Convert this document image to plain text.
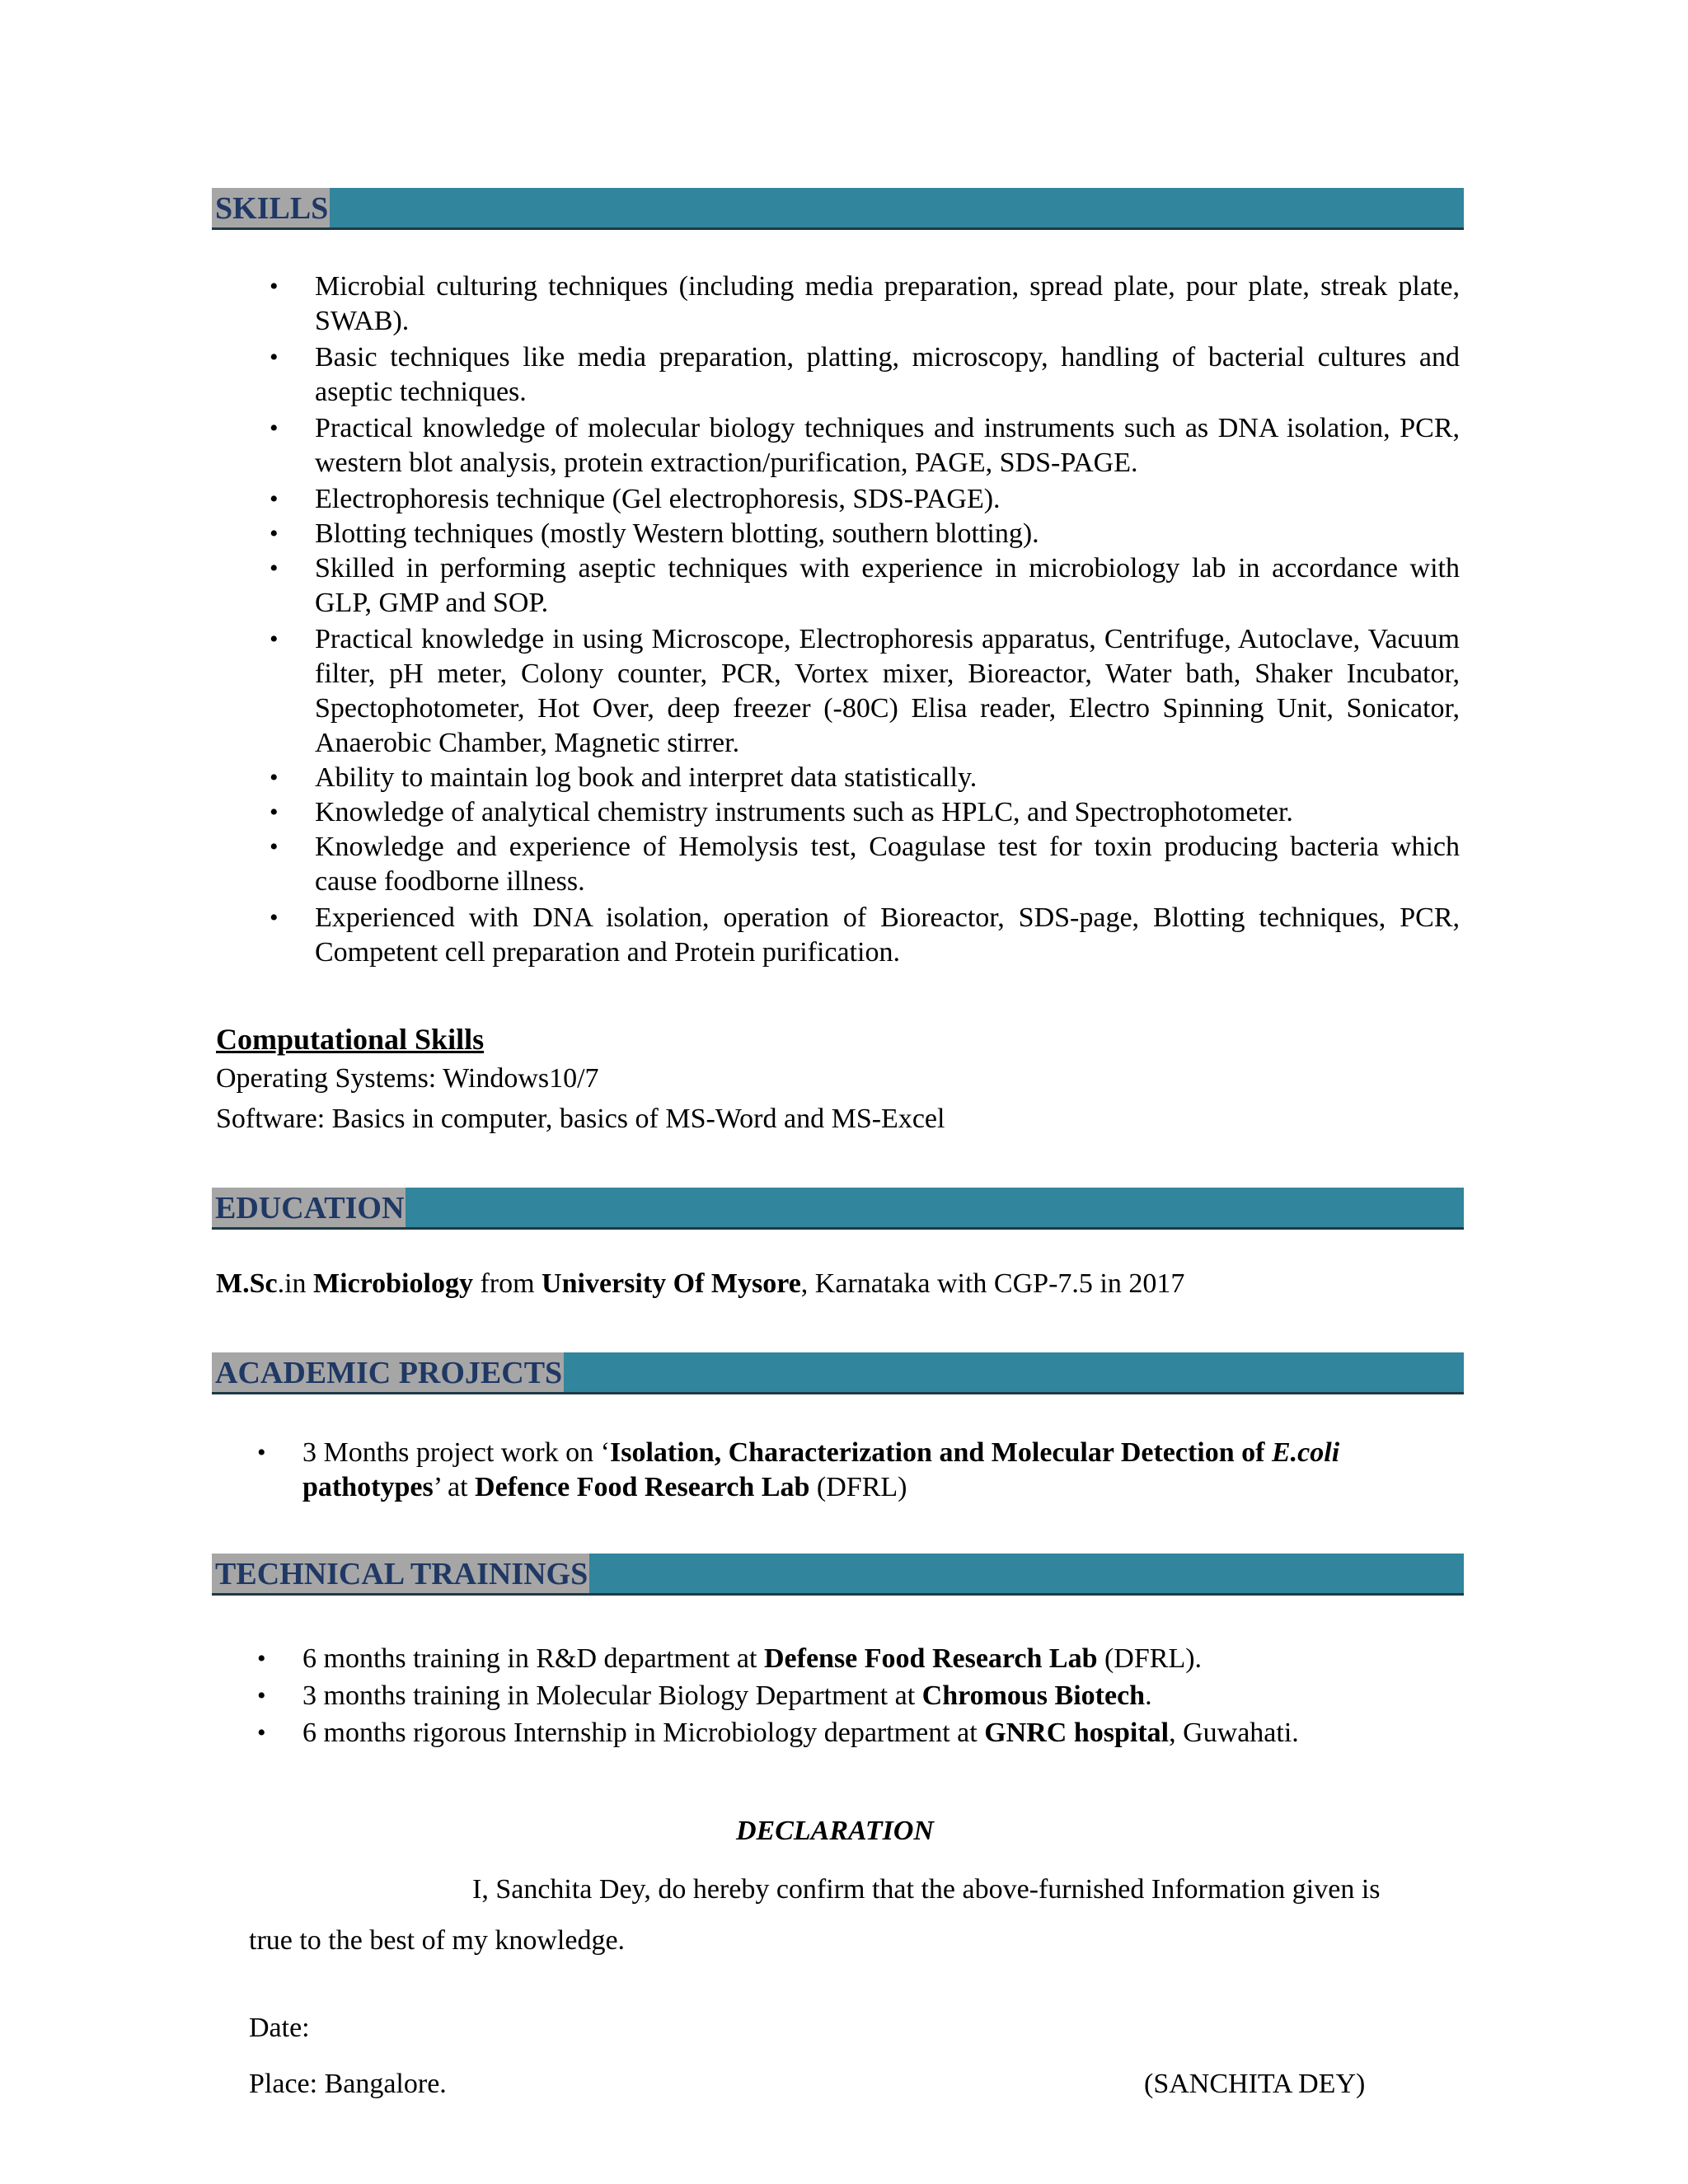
SKILLS
• Microbial culturing techniques (including media preparation, spread plate, pour plate, streak plate, SWAB).
• Basic techniques like media preparation, platting, microscopy, handling of bacterial cultures and aseptic techniques.
• Practical knowledge of molecular biology techniques and instruments such as DNA isolation, PCR, western blot analysis, protein extraction/purification, PAGE, SDS-PAGE.
• Electrophoresis technique (Gel electrophoresis, SDS-PAGE).
• Blotting techniques (mostly Western blotting, southern blotting).
• Skilled in performing aseptic techniques with experience in microbiology lab in accordance with GLP, GMP and SOP.
• Practical knowledge in using Microscope, Electrophoresis apparatus, Centrifuge, Autoclave, Vacuum filter, pH meter, Colony counter, PCR, Vortex mixer, Bioreactor, Water bath, Shaker Incubator, Spectophotometer, Hot Over, deep freezer (-80C) Elisa reader, Electro Spinning Unit, Sonicator, Anaerobic Chamber, Magnetic stirrer.
• Ability to maintain log book and interpret data statistically.
• Knowledge of analytical chemistry instruments such as HPLC, and Spectrophotometer.
• Knowledge and experience of Hemolysis test, Coagulase test for toxin producing bacteria which cause foodborne illness.
• Experienced with DNA isolation, operation of Bioreactor, SDS-page, Blotting techniques, PCR, Competent cell preparation and Protein purification.
Computational Skills
Operating Systems: Windows10/7
Software: Basics in computer, basics of MS-Word and MS-Excel
EDUCATION
M.Sc.in Microbiology from University Of Mysore, Karnataka with CGP-7.5 in 2017
ACADEMIC PROJECTS
• 3 Months project work on ‘Isolation, Characterization and Molecular Detection of E.coli
pathotypes’ at Defence Food Research Lab (DFRL)
TECHNICAL TRAININGS
• 6 months training in R&D department at Defense Food Research Lab (DFRL).
• 3 months training in Molecular Biology Department at Chromous Biotech.
• 6 months rigorous Internship in Microbiology department at GNRC hospital, Guwahati.
DECLARATION
I, Sanchita Dey, do hereby confirm that the above-furnished Information given is
true to the best of my knowledge.
Date:
Place: Bangalore.	(SANCHITA DEY)
